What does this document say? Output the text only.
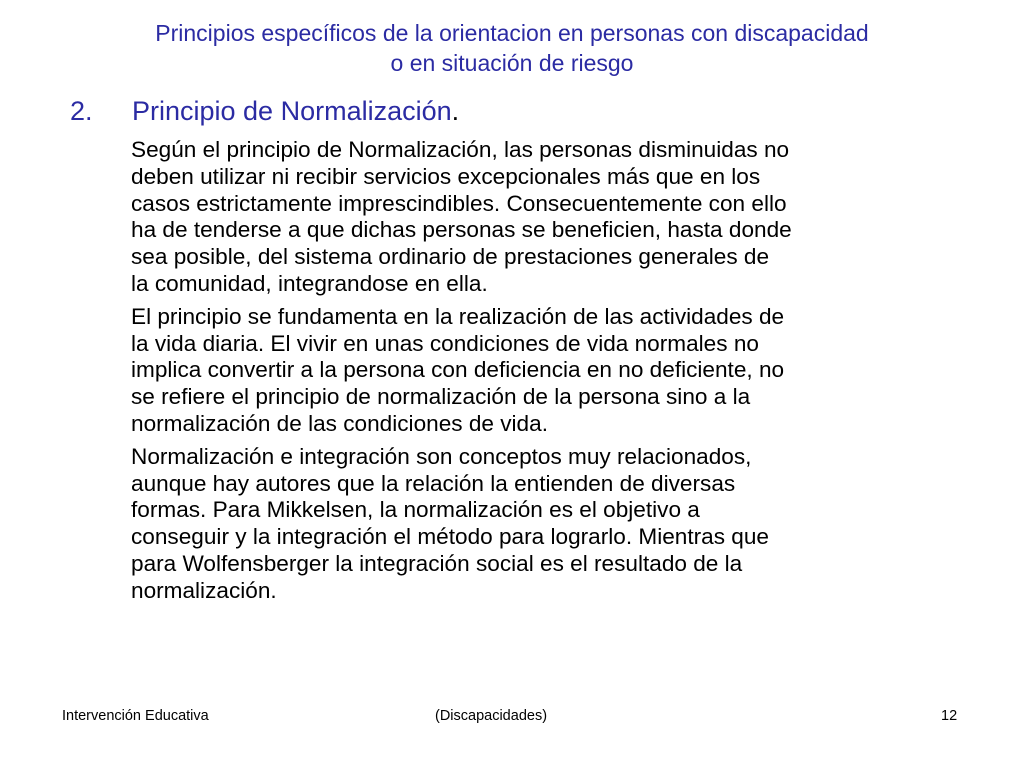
Principios específicos de la orientacion en personas con discapacidad
o en situación de riesgo
2. Principio de Normalización.

Según el principio de Normalización, las personas disminuidas no
deben utilizar ni recibir servicios excepcionales más que en los
casos estrictamente imprescindibles. Consecuentemente con ello
ha de tenderse a que dichas personas se beneficien, hasta donde
sea posible, del sistema ordinario de prestaciones generales de
la comunidad, integrandose en ella.

El principio se fundamenta en la realización de las actividades de
la vida diaria. El vivir en unas condiciones de vida normales no
implica convertir a la persona con deficiencia en no deficiente, no
se refiere el principio de normalización de la persona sino a la
normalización de las condiciones de vida.

Normalización e integración son conceptos muy relacionados,
aunque hay autores que la relación la entienden de diversas
formas. Para Mikkelsen, la normalización es el objetivo a
conseguir y la integración el método para lograrlo. Mientras que
para Wolfensberger la integración social es el resultado de la
normalización.

Intervención Educativa	(Discapacidades)	12
